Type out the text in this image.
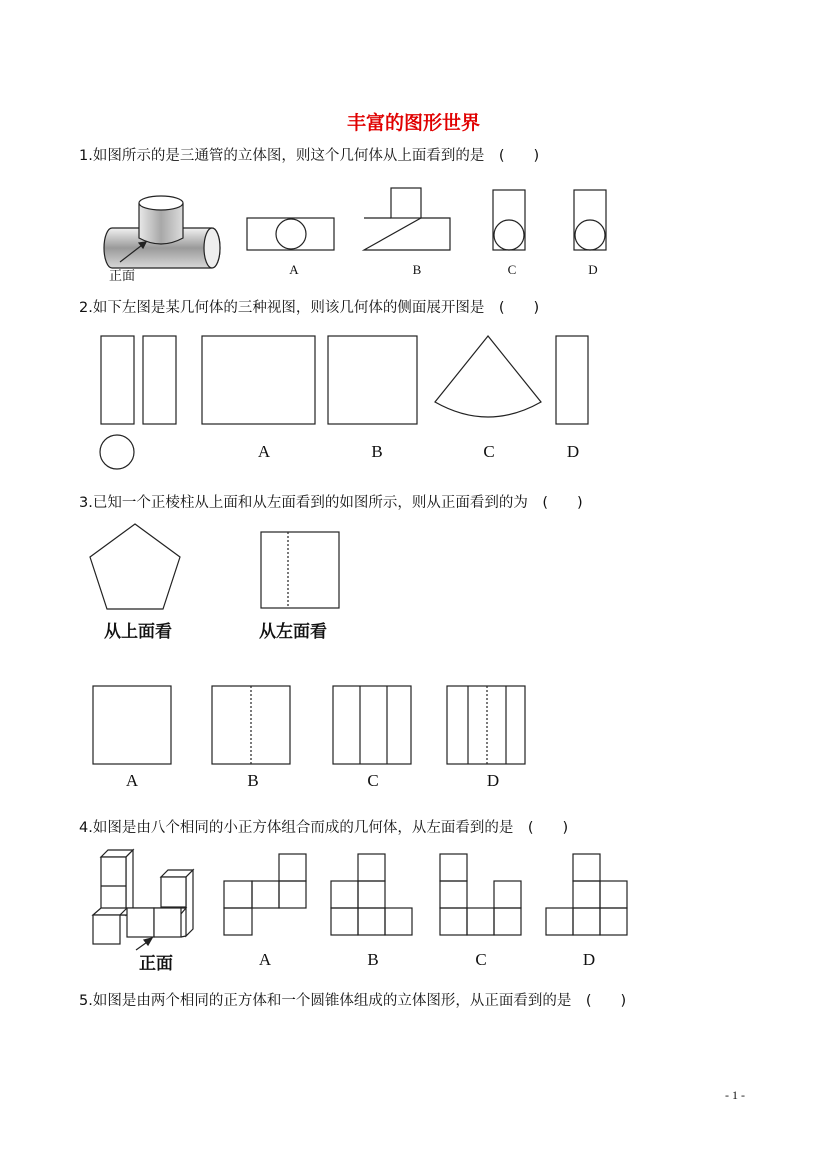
丰富的图形世界
1.如图所示的是三通管的立体图，则这个几何体从上面看到的是　(　　)
正面	A	B	C	D
2.如下左图是某几何体的三种视图，则该几何体的侧面展开图是　(　　)
A	B	C	D
3.已知一个正棱柱从上面和从左面看到的如图所示，则从正面看到的为　(　　)
从上面看	从左面看
A	B	C	D
4.如图是由八个相同的小正方体组合而成的几何体，从左面看到的是　(　　)
正面	A	B	C	D
5.如图是由两个相同的正方体和一个圆锥体组成的立体图形，从正面看到的是　(　　)
- 1 -
